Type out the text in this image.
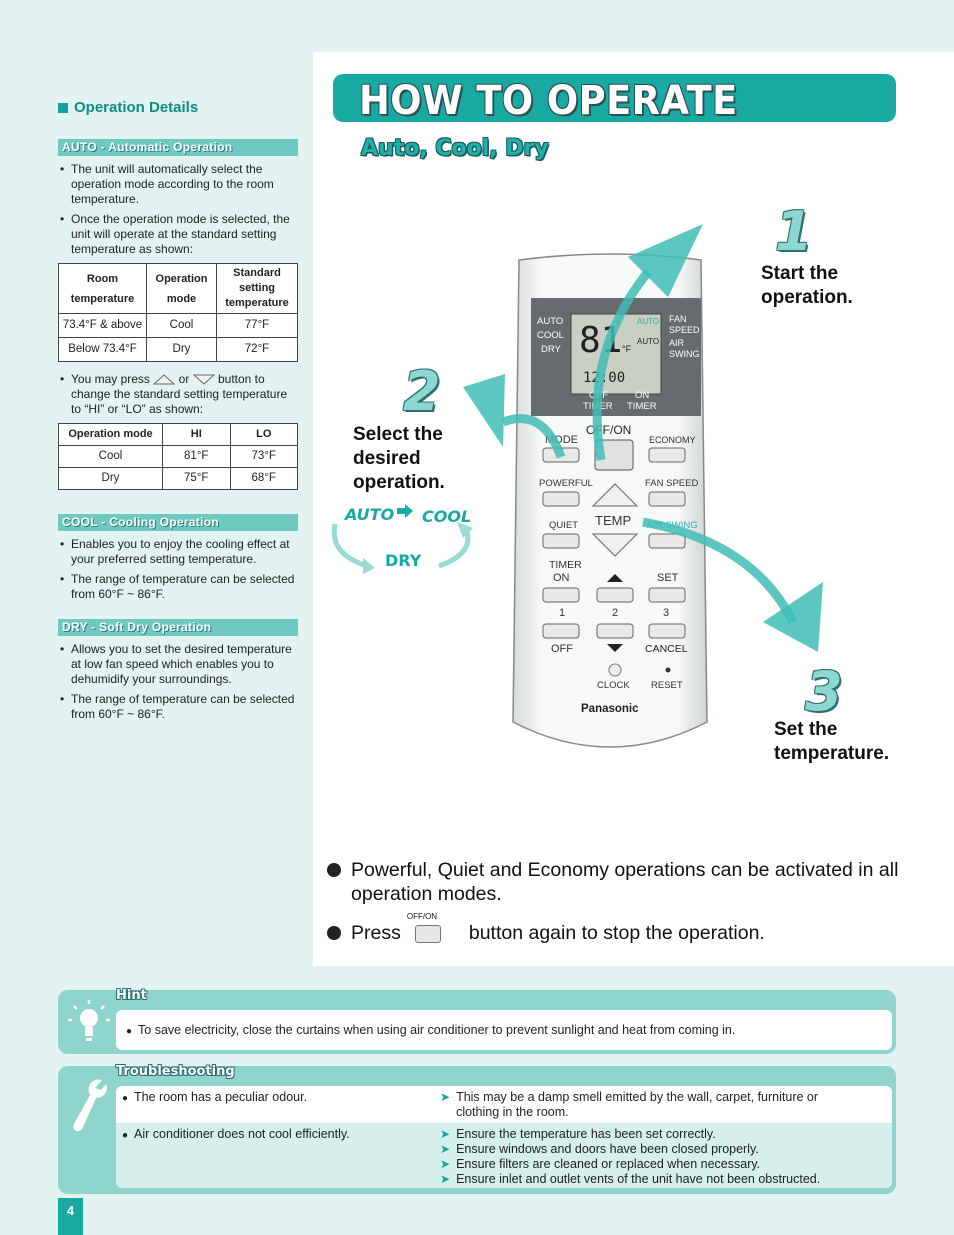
Operation Details
AUTO - Automatic Operation
• The unit will automatically select the operation mode according to the room temperature.
• Once the operation mode is selected, the unit will operate at the standard setting temperature as shown:
Room temperature	Operation mode	Standard setting temperature
73.4°F & above	Cool	77°F
Below 73.4°F	Dry	72°F
• You may press or button to change the standard setting temperature to “HI” or “LO” as shown:
Operation mode	HI	LO
Cool	81°F	73°F
Dry	75°F	68°F
COOL - Cooling Operation
• Enables you to enjoy the cooling effect at your preferred setting temperature.
• The range of temperature can be selected from 60°F ~ 86°F.
DRY - Soft Dry Operation
• Allows you to set the desired temperature at low fan speed which enables you to dehumidify your surroundings.
• The range of temperature can be selected from 60°F ~ 86°F.
HOW TO OPERATE
Auto, Cool, Dry
1
Start the
operation.
2
Select the
desired
operation.
3
Set the
temperature.
AUTO COOL
DRY
AUTO
COOL
DRY 81 °F
AUTO
AUTO
12:00
FAN
SPEED
AIR
SWING
OFF
TIMER
ON
TIMER
MODE
OFF/ON
ECONOMY
POWERFUL	FAN SPEED
TEMP
QUIET	AIR SWING
TIMER
ON	SET
1	2	3
OFF	CANCEL
CLOCK RESET
Panasonic
Powerful, Quiet and Economy operations can be activated in all operation modes.
Press
OFF/ON
button again to stop the operation.
Hint
● To save electricity, close the curtains when using air conditioner to prevent sunlight and heat from coming in.
Troubleshooting
● The room has a peculiar odour.	➤ This may be a damp smell emitted by the wall, carpet, furniture or clothing in the room.
● Air conditioner does not cool efficiently.	➤ Ensure the temperature has been set correctly.
➤ Ensure windows and doors have been closed properly.
➤ Ensure filters are cleaned or replaced when necessary.
➤ Ensure inlet and outlet vents of the unit have not been obstructed.
4
